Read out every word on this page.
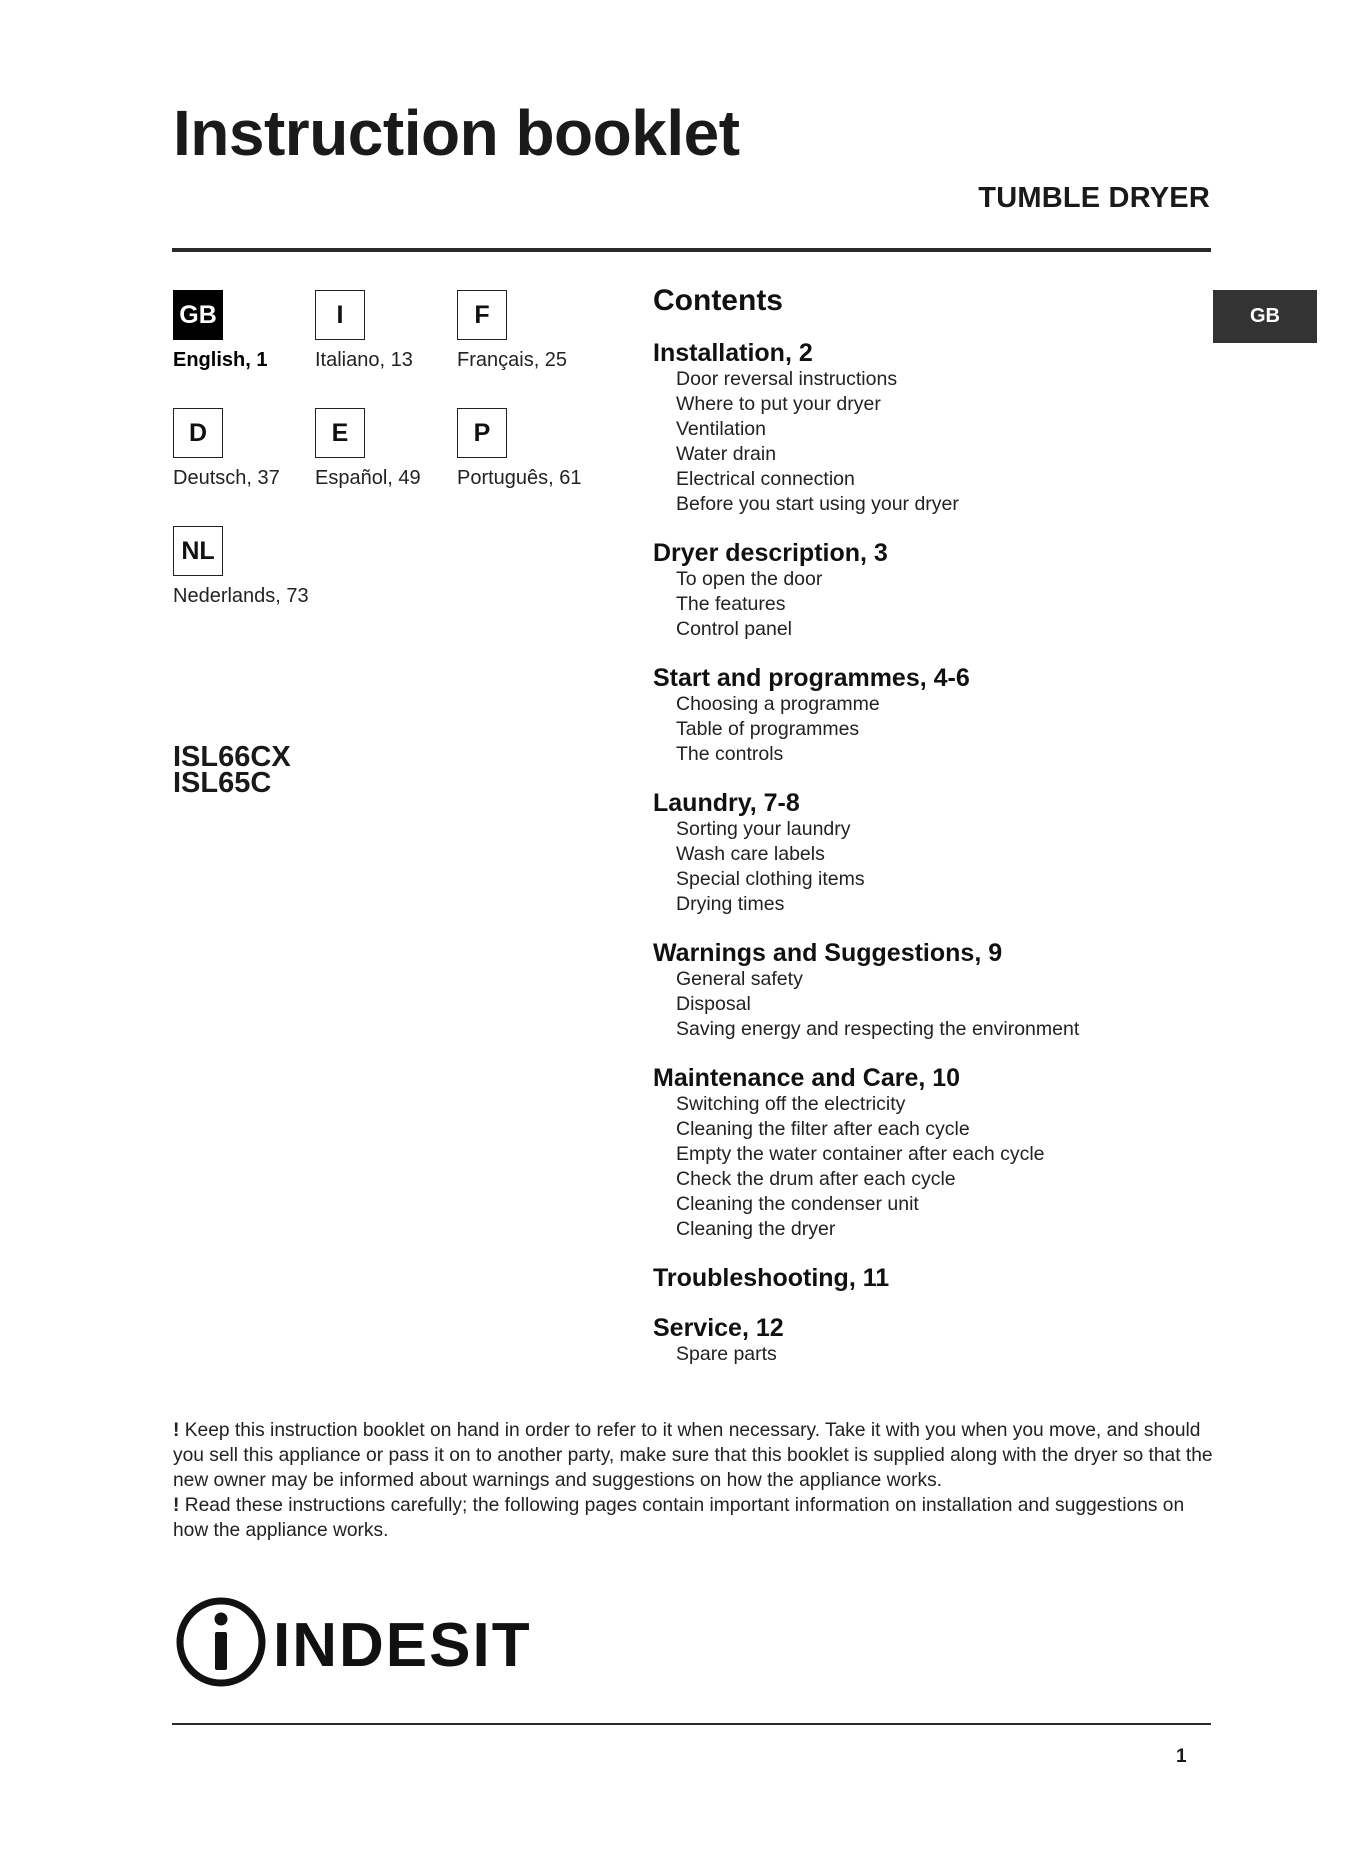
Instruction booklet
TUMBLE DRYER
GB
GB
English, 1
I
Italiano, 13
F
Français, 25
D
Deutsch, 37
E
Español, 49
P
Português, 61
NL
Nederlands, 73
ISL66CX
ISL65C
Contents
Installation, 2
Door reversal instructions
Where to put your dryer
Ventilation
Water drain
Electrical connection
Before you start using your dryer
Dryer description, 3
To open the door
The features
Control panel
Start and programmes, 4-6
Choosing a programme
Table of programmes
The controls
Laundry, 7-8
Sorting your laundry
Wash care labels
Special clothing items
Drying times
Warnings and Suggestions, 9
General safety
Disposal
Saving energy and respecting the environment
Maintenance and Care, 10
Switching off the electricity
Cleaning the filter after each cycle
Empty the water container after each cycle
Check the drum after each cycle
Cleaning the condenser unit
Cleaning the dryer
Troubleshooting, 11
Service, 12
Spare parts

! Keep this instruction booklet on hand in order to refer to it when necessary. Take it with you when you move, and should you sell this appliance or pass it on to another party, make sure that this booklet is supplied along with the dryer so that the new owner may be informed about warnings and suggestions on how the appliance works.

! Read these instructions carefully; the following pages contain important information on installation and suggestions on how the appliance works.

INDESIT
1
